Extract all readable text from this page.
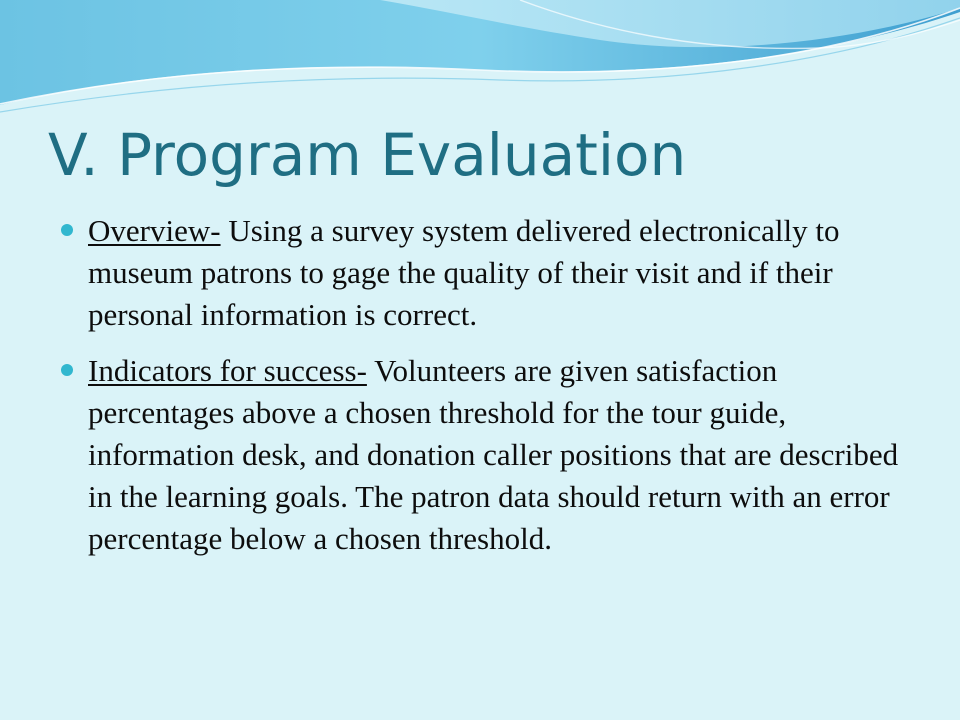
V. Program Evaluation
Overview- Using a survey system delivered electronically to museum patrons to gage the quality of their visit and if their personal information is correct.
Indicators for success- Volunteers are given satisfaction percentages above a chosen threshold for the tour guide, information desk, and donation caller positions that are described in the learning goals. The patron data should return with an error percentage below a chosen threshold.
